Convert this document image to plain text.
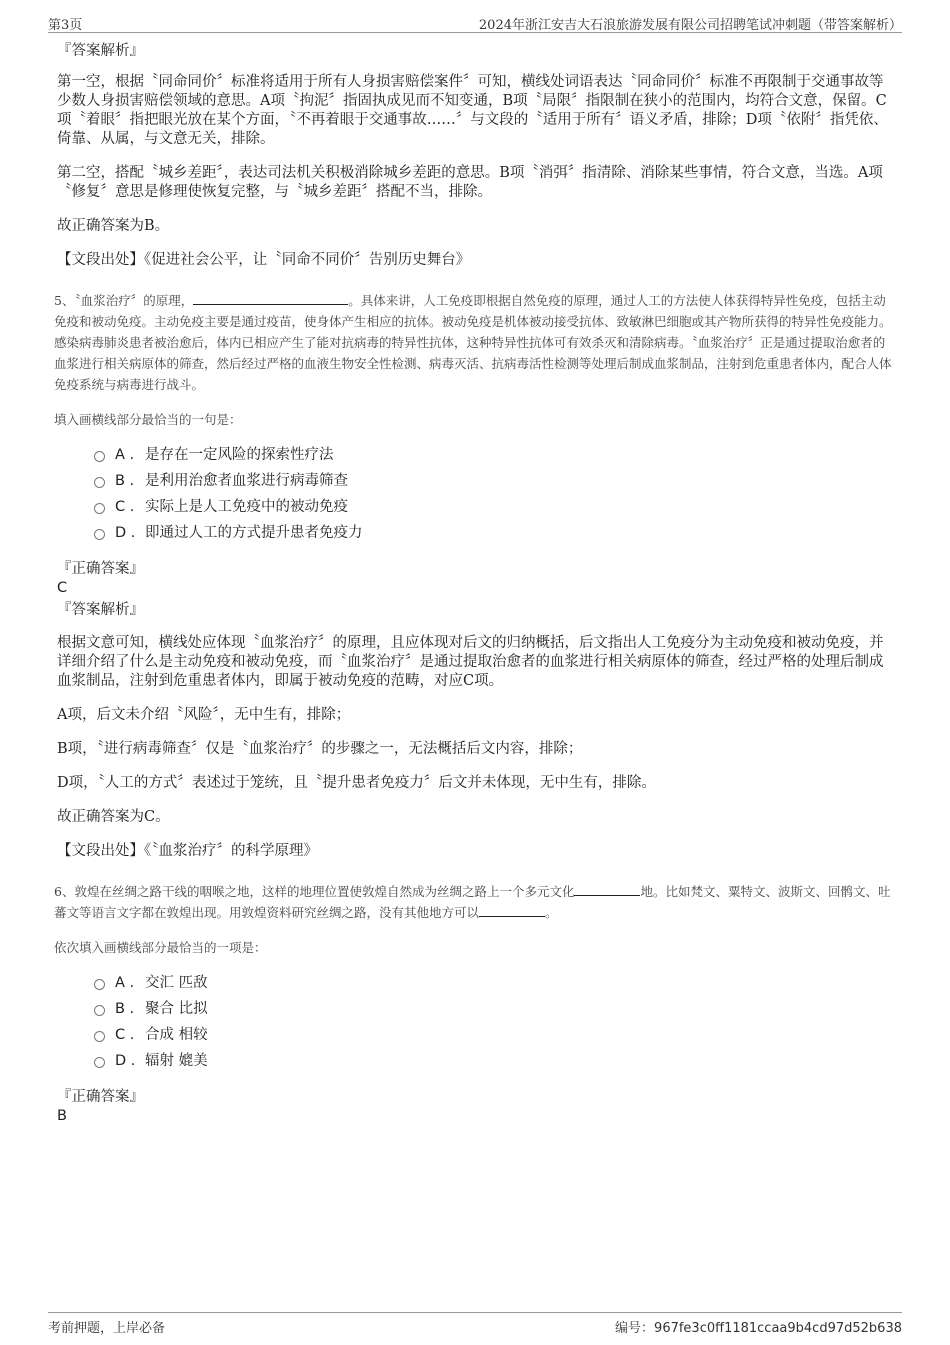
第3页	2024年浙江安吉大石浪旅游发展有限公司招聘笔试冲刺题（带答案解析）

『答案解析』

第一空，根据〝同命同价〞标准将适用于所有人身损害赔偿案件〞可知，横线处词语表达〝同命同价〞标准不再限制于交通事故等少数人身损害赔偿领域的意思。A项〝拘泥〞指固执成见而不知变通，B项〝局限〞指限制在狭小的范围内，均符合文意，保留。C项〝着眼〞指把眼光放在某个方面，〝不再着眼于交通事故……〞与文段的〝适用于所有〞语义矛盾，排除；D项〝依附〞指凭依、倚靠、从属，与文意无关，排除。

第二空，搭配〝城乡差距〞，表达司法机关积极消除城乡差距的意思。B项〝消弭〞指清除、消除某些事情，符合文意，当选。A项〝修复〞意思是修理使恢复完整，与〝城乡差距〞搭配不当，排除。

故正确答案为B。

【文段出处】《促进社会公平，让〝同命不同价〞告别历史舞台》

5、〝血浆治疗〞的原理，	。具体来讲，人工免疫即根据自然免疫的原理，通过人工的方法使人体获得特异性免疫，包括主动免疫和被动免疫。主动免疫主要是通过疫苗，使身体产生相应的抗体。被动免疫是机体被动接受抗体、致敏淋巴细胞或其产物所获得的特异性免疫能力。感染病毒肺炎患者被治愈后，体内已相应产生了能对抗病毒的特异性抗体，这种特异性抗体可有效杀灭和清除病毒。〝血浆治疗〞正是通过提取治愈者的血浆进行相关病原体的筛查，然后经过严格的血液生物安全性检测、病毒灭活、抗病毒活性检测等处理后制成血浆制品，注射到危重患者体内，配合人体免疫系统与病毒进行战斗。

填入画横线部分最恰当的一句是：

A . 是存在一定风险的探索性疗法
B . 是利用治愈者血浆进行病毒筛查
C . 实际上是人工免疫中的被动免疫
D . 即通过人工的方式提升患者免疫力

『正确答案』

C

『答案解析』

根据文意可知，横线处应体现〝血浆治疗〞的原理，且应体现对后文的归纳概括，后文指出人工免疫分为主动免疫和被动免疫，并详细介绍了什么是主动免疫和被动免疫，而〝血浆治疗〞是通过提取治愈者的血浆进行相关病原体的筛查，经过严格的处理后制成血浆制品，注射到危重患者体内，即属于被动免疫的范畴，对应C项。

A项，后文未介绍〝风险〞，无中生有，排除；

B项，〝进行病毒筛查〞仅是〝血浆治疗〞的步骤之一，无法概括后文内容，排除；

D项，〝人工的方式〞表述过于笼统，且〝提升患者免疫力〞后文并未体现，无中生有，排除。

故正确答案为C。

【文段出处】《〝血浆治疗〞的科学原理》

6、敦煌在丝绸之路干线的咽喉之地，这样的地理位置使敦煌自然成为丝绸之路上一个多元文化	地。比如梵文、粟特文、波斯文、回鹘文、吐蕃文等语言文字都在敦煌出现。用敦煌资料研究丝绸之路，没有其他地方可以	。

依次填入画横线部分最恰当的一项是：

A . 交汇 匹敌
B . 聚合 比拟
C . 合成 相较
D . 辐射 媲美

『正确答案』

B

考前押题，上岸必备	编号：967fe3c0ff1181ccaa9b4cd97d52b638
